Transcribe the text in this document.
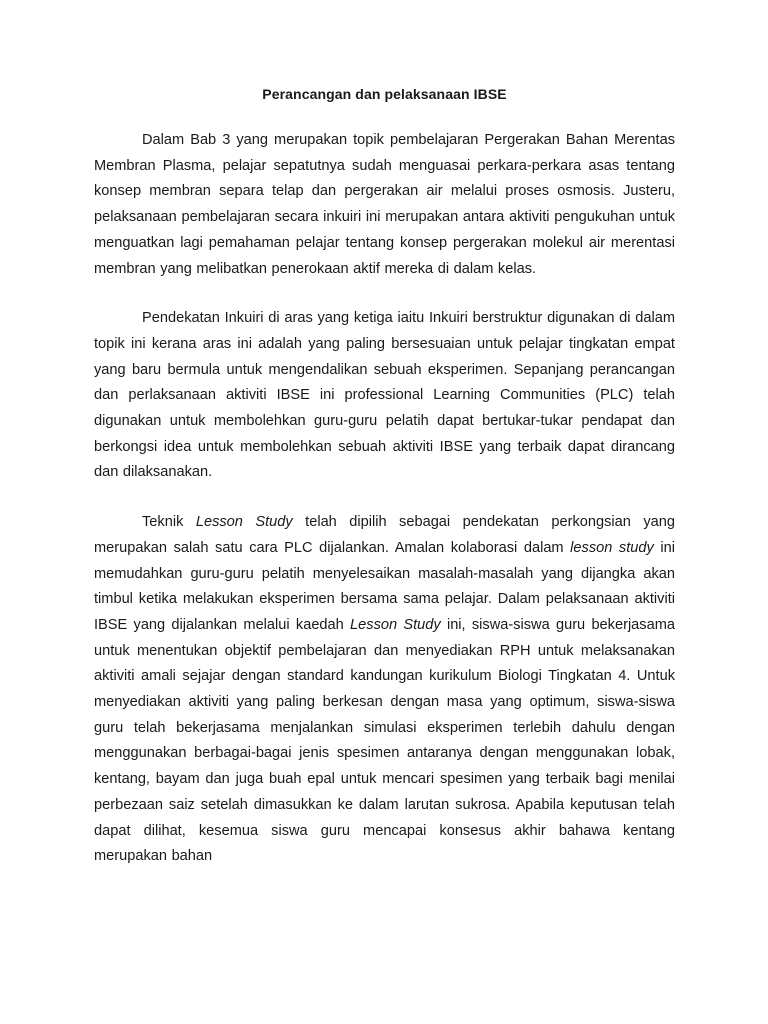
Perancangan dan pelaksanaan IBSE

Dalam Bab 3 yang merupakan topik pembelajaran Pergerakan Bahan Merentas Membran Plasma, pelajar sepatutnya sudah menguasai perkara-perkara asas tentang konsep membran separa telap dan pergerakan air melalui proses osmosis. Justeru, pelaksanaan pembelajaran secara inkuiri ini merupakan antara aktiviti pengukuhan untuk menguatkan lagi pemahaman pelajar tentang konsep pergerakan molekul air merentasi membran yang melibatkan penerokaan aktif mereka di dalam kelas.

Pendekatan Inkuiri di aras yang ketiga iaitu Inkuiri berstruktur digunakan di dalam topik ini kerana aras ini adalah yang paling bersesuaian untuk pelajar tingkatan empat yang baru bermula untuk mengendalikan sebuah eksperimen. Sepanjang perancangan dan perlaksanaan aktiviti IBSE ini professional Learning Communities (PLC) telah digunakan untuk membolehkan guru-guru pelatih dapat bertukar-tukar pendapat dan berkongsi idea untuk membolehkan sebuah aktiviti IBSE yang terbaik dapat dirancang dan dilaksanakan.

Teknik Lesson Study telah dipilih sebagai pendekatan perkongsian yang merupakan salah satu cara PLC dijalankan. Amalan kolaborasi dalam lesson study ini memudahkan guru-guru pelatih menyelesaikan masalah-masalah yang dijangka akan timbul ketika melakukan eksperimen bersama sama pelajar. Dalam pelaksanaan aktiviti IBSE yang dijalankan melalui kaedah Lesson Study ini, siswa-siswa guru bekerjasama untuk menentukan objektif pembelajaran dan menyediakan RPH untuk melaksanakan aktiviti amali sejajar dengan standard kandungan kurikulum Biologi Tingkatan 4. Untuk menyediakan aktiviti yang paling berkesan dengan masa yang optimum, siswa-siswa guru telah bekerjasama menjalankan simulasi eksperimen terlebih dahulu dengan menggunakan berbagai-bagai jenis spesimen antaranya dengan menggunakan lobak, kentang, bayam dan juga buah epal untuk mencari spesimen yang terbaik bagi menilai perbezaan saiz setelah dimasukkan ke dalam larutan sukrosa. Apabila keputusan telah dapat dilihat, kesemua siswa guru mencapai konsesus akhir bahawa kentang merupakan bahan
